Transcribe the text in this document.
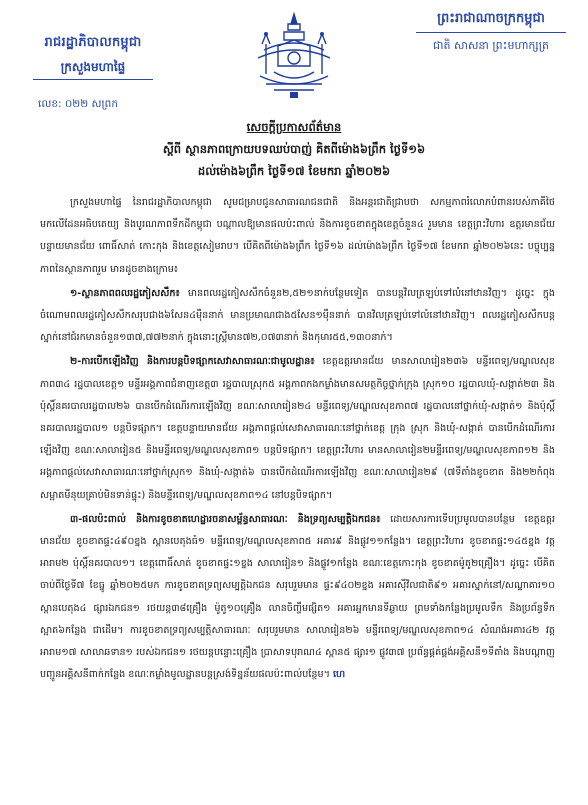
រាជរដ្ឋាភិបាលកម្ពុជា
ក្រសួងមហាផ្ទៃ
លេខ: ០២២ សព្រក
ព្រះរាជាណាចក្រកម្ពុជា
ជាតិ សាសនា ព្រះមហាក្សត្រ
សេចក្តីប្រកាសព័ត៌មាន
ស្តីពី ស្ថានភាពក្រោយបទឈប់បាញ់ គិតពីម៉ោង៦ព្រឹក ថ្ងៃទី១៦
ដល់ម៉ោង៦ព្រឹក ថ្ងៃទី១៧ ខែមករា ឆ្នាំ២០២៦

ក្រសួងមហាផ្ទៃ នៃរាជរដ្ឋាភិបាលកម្ពុជា សូមជម្រាបជូនសាធារណជនជាតិ និងអន្តរជាតិជ្រាបថា សកម្មភាពរំលោភបំពានរបស់ភាគីថៃ មកលើដែនអធិបតេយ្យ និងបូរណភាពទឹកដីកម្ពុជា បណ្តាលឱ្យមានផលប៉ះពាល់ និងការខូចខាតក្នុងខេត្តចំនួន៤ រួមមាន ខេត្តព្រះវិហារ ឧត្តរមានជ័យ បន្ទាយមានជ័យ ពោធិ៍សាត់ កោះកុង និងខេត្តសៀមរាប។ បើគិតពីម៉ោង៦ព្រឹក ថ្ងៃទី១៦ ដល់ម៉ោង៦ព្រឹក ថ្ងៃទី១៧ ខែមករា ឆ្នាំ២០២៦នេះ បច្ចុប្បន្នភាពនៃស្ថានភាពរួម មានដូចខាងក្រោម៖

១-ស្ថានភាពពលរដ្ឋភៀសសឹក៖ មានពលរដ្ឋភៀសសឹកចំនួន២,៥២១នាក់បន្ថែមទៀត បានបន្តវិលត្រឡប់ទៅលំនៅឋានវិញ។ ដូច្នេះ ក្នុងចំណោមពលរដ្ឋភៀសសឹកសរុបជាង៦សែន៤ម៉ឺននាក់ មានប្រមាណជាង៥សែន១ម៉ឺននាក់ បានវិលត្រឡប់ទៅលំនៅឋានវិញ។ ពលរដ្ឋភៀសសឹកបន្តស្នាក់នៅជំរកមានចំនួន១៣៧,៧៧២នាក់ ក្នុងនោះស្ត្រីមាន៧២,០៧៣នាក់ និងកុមារ៥៥,១៣០នាក់។

២-ការបើកឡើងវិញ និងការបន្តបិទផ្សាកសេវាសាធារណៈជាមូលដ្ឋាន៖ ខេត្តឧត្តរមានជ័យ មានសាលារៀន២៣៦ មន្ទីរពេទ្យ/មណ្ឌលសុខភាព៣៤ រដ្ឋបាលខេត្ត១ មន្ទីរអង្គភាពជំនាញខេត្ត៣ រដ្ឋបាលស្រុក៥ អង្គភាពកងកម្លាំងមានសមត្ថកិច្ចថ្នាក់ក្រុង ស្រុក១០ រដ្ឋបាលឃុំ-សង្កាត់២៣ និងប៉ុស្តិ៍នគរបាលរដ្ឋបាល២៦ បានបើកដំណើរការឡើងវិញ ខណៈសាលារៀន២៤ មន្ទីរពេទ្យ/មណ្ឌលសុខភាព៧ រដ្ឋបាលនៅថ្នាក់ឃុំ-សង្កាត់១ និងប៉ុស្តិ៍នគរបាលរដ្ឋបាល១ បន្តបិទផ្សាក។ ខេត្តបន្ទាយមានជ័យ អង្គភាពផ្តល់សេវាសាធារណៈនៅថ្នាក់ខេត្ត ក្រុង ស្រុក និងឃុំ-សង្កាត់ បានបើកដំណើរការឡើងវិញ ខណៈសាលារៀន៥ និងមន្ទីរពេទ្យ/មណ្ឌលសុខភាព១ បន្តបិទផ្សាក។ ខេត្តព្រះវិហារ មានសាលារៀន២មន្ទីរពេទ្យ/មណ្ឌលសុខភាព១២ និងអង្គភាពផ្តល់សេវាសាធារណៈនៅថ្នាក់ស្រុក១ និងឃុំ-សង្កាត់៦ បានបើកដំណើរការឡើងវិញ ខណៈសាលារៀន២៩ (៧ទីតាំងខូចខាត និង២២កំពុងសម្អាតមីនុយគ្រាប់មិនទាន់ផ្ទុះ) និងមន្ទីរពេទ្យ/មណ្ឌលសុខភាព១៤ នៅបន្តបិទផ្សាក។

៣-ផលប៉ះពាល់ និងការខូចខាតហេដ្ឋារចនាសម្ព័ន្ធសាធារណៈ និងទ្រព្យសម្បត្តិឯកជន៖ ដោយសារការទើបប្រមូលបានបន្ថែម ខេត្តឧត្តរមានជ័យ ខូចខាតផ្ទះ៤៩០ខ្នង ស្ពានបេតុងធំ១ មន្ទីរពេទ្យ/មណ្ឌលសុខភាព៥ អគារ៩ និងផ្លូវ១១កន្លែង។ ខេត្តព្រះវិហារ ខូចខាតផ្ទះ១៤៥ខ្នង វត្តអារាម២ ប៉ុស្តិ៍នគរបាល១។ ខេត្តពោធិ៍សាត់ ខូចខាតផ្ទះ១ខ្នង សាលារៀន១ និងផ្លូវ១កន្លែង ខណៈខេត្តកោះកុង ខូចខាតម៉ូតូ២គ្រឿង។ ដូច្នេះ បើគិតចាប់ពីថ្ងៃទី៧ ខែធ្នូ ឆ្នាំ២០២៥មក ការខូចខាតទ្រព្យសម្បត្តិឯកជន សរុបរួមមាន ផ្ទះ៩៤០២ខ្នង អគារស៊ីវិលជាតិ៩១ អគារស្នាក់នៅ/សណ្ឋាគារ១០ ស្ពានបេតុង៤ ផ្សារឯកជន១ រថយន្ត៣៨គ្រឿង ម៉ូតូ១០គ្រឿង លានចិញ្ចឹមផ្សិត១ អគារអ្នកមានទីឆ្ងាយ ព្រមទាំងកន្លែងប្រមូលទឹក និងប្រព័ន្ធទឹកស្អាត៦កន្លែង ជាដើម។ ការខូចខាតទ្រព្យសម្បត្តិសាធារណៈ សរុបរួមមាន សាលារៀន២៦ មន្ទីរពេទ្យ/មណ្ឌលសុខភាព១៤ សំណង់អគារ៤២ វត្តអារាម១៧ សាលាឆទាន១ របស់ឯកជន១ រថយន្តបន្ទោះគ្រឿង ប្រាសាទបុរាណ៤ ស្ពាន៥ ផ្សារ១ ផ្លូវ៣៧ ប្រព័ន្ធផ្គត់ផ្គង់អគ្គិសនី១ទីតាំង និងបណ្តាញបញ្ជូនអគ្គិសនីពាក់កន្លែង ខណៈកម្លាំងមូលដ្ឋានបន្តស្រង់ទិន្នន័យផលប៉ះពាល់បន្ថែម។ ហេ
